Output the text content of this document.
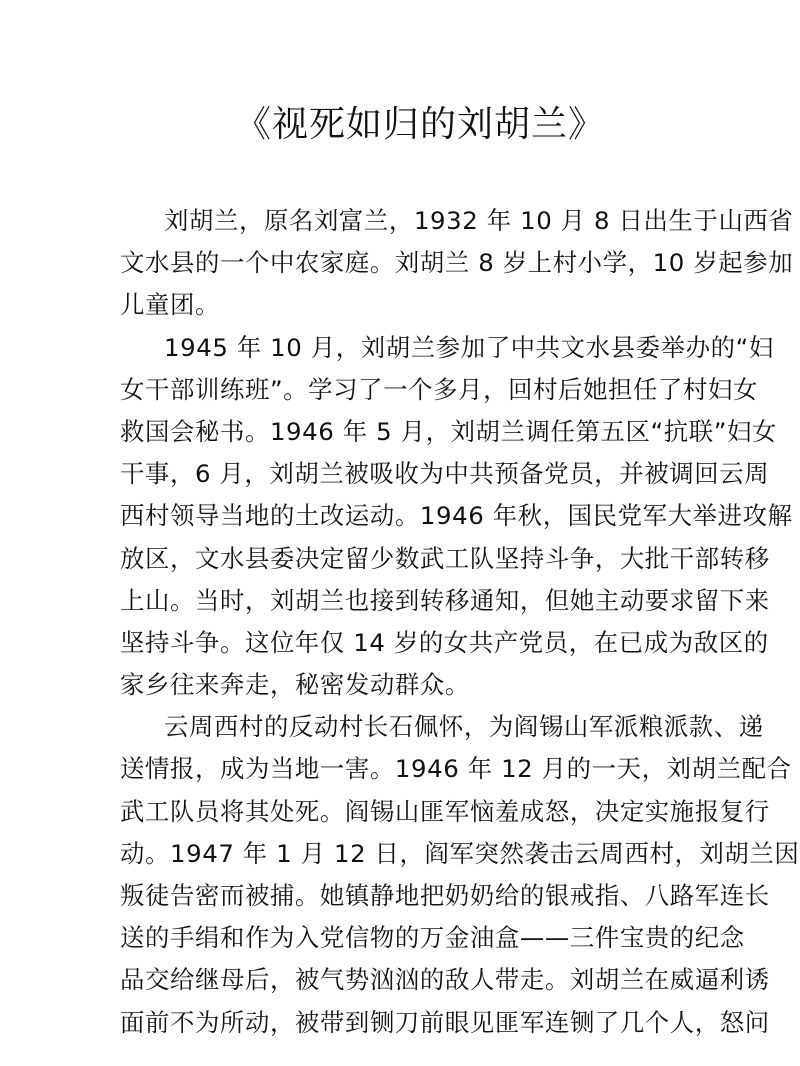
《视死如归的刘胡兰》
刘胡兰，原名刘富兰，1932 年 10 月 8 日出生于山西省
文水县的一个中农家庭。刘胡兰 8 岁上村小学，10 岁起参加
儿童团。
1945 年 10 月，刘胡兰参加了中共文水县委举办的“妇
女干部训练班”。学习了一个多月，回村后她担任了村妇女
救国会秘书。1946 年 5 月，刘胡兰调任第五区“抗联”妇女
干事，6 月，刘胡兰被吸收为中共预备党员，并被调回云周
西村领导当地的土改运动。1946 年秋，国民党军大举进攻解
放区，文水县委决定留少数武工队坚持斗争，大批干部转移
上山。当时，刘胡兰也接到转移通知，但她主动要求留下来
坚持斗争。这位年仅 14 岁的女共产党员，在已成为敌区的
家乡往来奔走，秘密发动群众。
云周西村的反动村长石佩怀，为阎锡山军派粮派款、递
送情报，成为当地一害。1946 年 12 月的一天，刘胡兰配合
武工队员将其处死。阎锡山匪军恼羞成怒，决定实施报复行
动。1947 年 1 月 12 日，阎军突然袭击云周西村，刘胡兰因
叛徒告密而被捕。她镇静地把奶奶给的银戒指、八路军连长
送的手绢和作为入党信物的万金油盒——三件宝贵的纪念
品交给继母后，被气势汹汹的敌人带走。刘胡兰在威逼利诱
面前不为所动，被带到铡刀前眼见匪军连铡了几个人，怒问
